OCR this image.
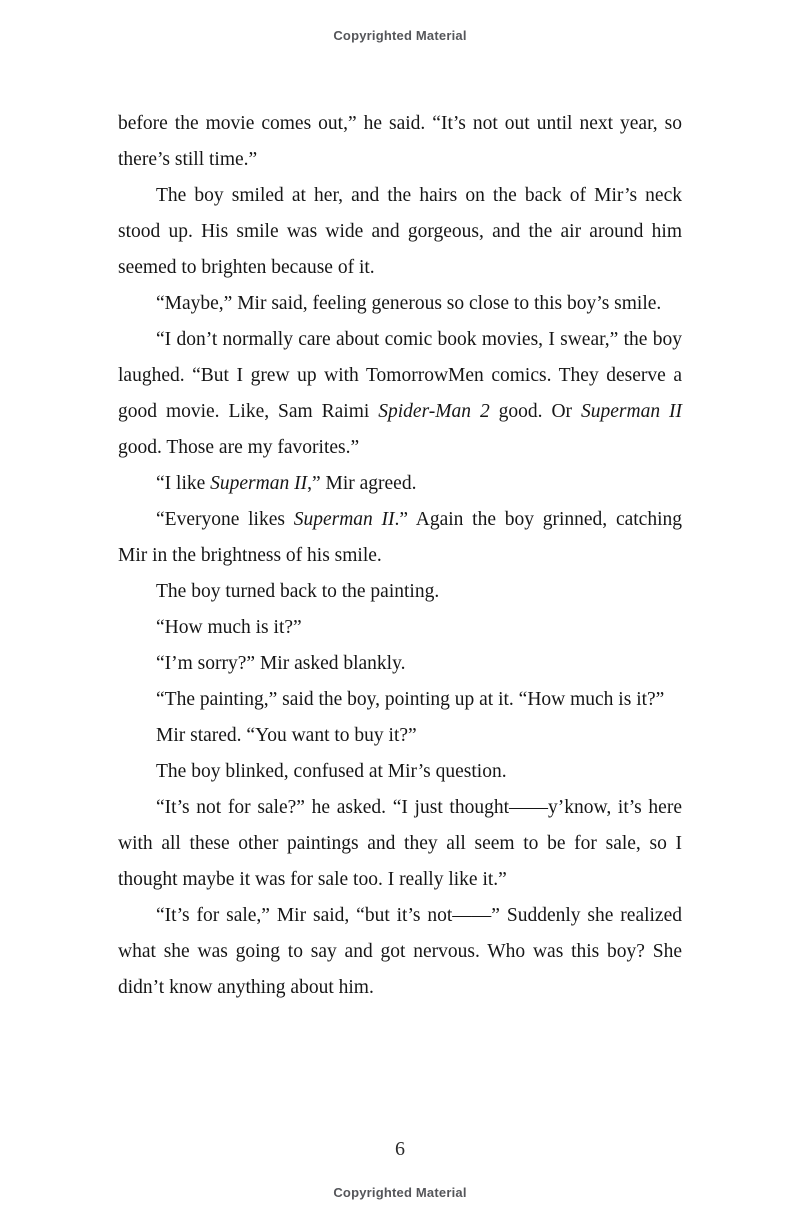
Copyrighted Material

before the movie comes out,” he said. “It’s not out until next year, so there’s still time.”

The boy smiled at her, and the hairs on the back of Mir’s neck stood up. His smile was wide and gorgeous, and the air around him seemed to brighten because of it.

“Maybe,” Mir said, feeling generous so close to this boy’s smile.

“I don’t normally care about comic book movies, I swear,” the boy laughed. “But I grew up with TomorrowMen comics. They deserve a good movie. Like, Sam Raimi Spider-Man 2 good. Or Superman II good. Those are my favorites.”

“I like Superman II,” Mir agreed.

“Everyone likes Superman II.” Again the boy grinned, catching Mir in the brightness of his smile.

The boy turned back to the painting.

“How much is it?”

“I’m sorry?” Mir asked blankly.

“The painting,” said the boy, pointing up at it. “How much is it?”

Mir stared. “You want to buy it?”

The boy blinked, confused at Mir’s question.

“It’s not for sale?” he asked. “I just thought——y’know, it’s here with all these other paintings and they all seem to be for sale, so I thought maybe it was for sale too. I really like it.”

“It’s for sale,” Mir said, “but it’s not——” Suddenly she realized what she was going to say and got nervous. Who was this boy? She didn’t know anything about him.

6
Copyrighted Material
